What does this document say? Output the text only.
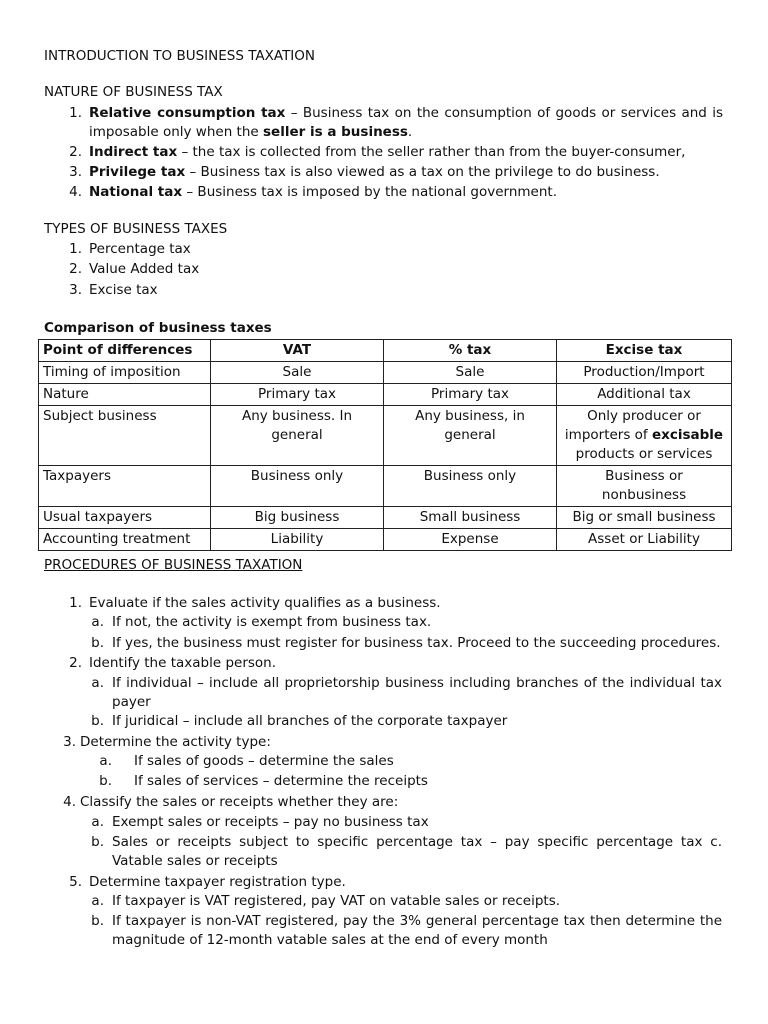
INTRODUCTION TO BUSINESS TAXATION
NATURE OF BUSINESS TAX
1. Relative consumption tax – Business tax on the consumption of goods or services and is imposable only when the seller is a business.
2. Indirect tax – the tax is collected from the seller rather than from the buyer-consumer,
3. Privilege tax – Business tax is also viewed as a tax on the privilege to do business.
4. National tax – Business tax is imposed by the national government.
TYPES OF BUSINESS TAXES
1. Percentage tax
2. Value Added tax
3. Excise tax
Comparison of business taxes
Point of differences	VAT	% tax	Excise tax
Timing of imposition	Sale	Sale	Production/Import
Nature	Primary tax	Primary tax	Additional tax
Subject business	Any business. In general	Any business, in general	Only producer or importers of excisable products or services
Taxpayers	Business only	Business only	Business or nonbusiness
Usual taxpayers	Big business	Small business	Big or small business
Accounting treatment	Liability	Expense	Asset or Liability
PROCEDURES OF BUSINESS TAXATION
1. Evaluate if the sales activity qualifies as a business.
a. If not, the activity is exempt from business tax.
b. If yes, the business must register for business tax. Proceed to the succeeding procedures.
2. Identify the taxable person.
a. If individual – include all proprietorship business including branches of the individual tax payer
b. If juridical – include all branches of the corporate taxpayer
3. Determine the activity type:
a. If sales of goods – determine the sales
b. If sales of services – determine the receipts
4. Classify the sales or receipts whether they are:
a. Exempt sales or receipts – pay no business tax
b. Sales or receipts subject to specific percentage tax – pay specific percentage tax c. Vatable sales or receipts
5. Determine taxpayer registration type.
a. If taxpayer is VAT registered, pay VAT on vatable sales or receipts.
b. If taxpayer is non-VAT registered, pay the 3% general percentage tax then determine the magnitude of 12-month vatable sales at the end of every month
